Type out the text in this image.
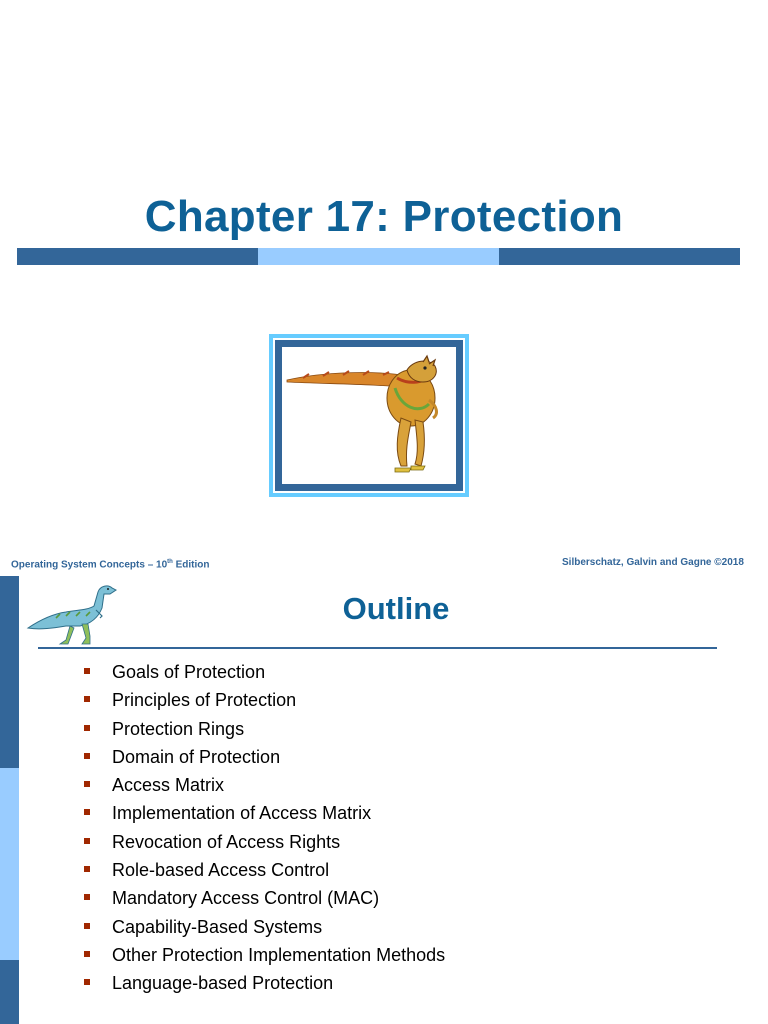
Chapter 17: Protection
Operating System Concepts – 10th Edition	Silberschatz, Galvin and Gagne ©2018
Outline
Goals of Protection
Principles of Protection
Protection Rings
Domain of Protection
Access Matrix
Implementation of Access Matrix
Revocation of Access Rights
Role-based Access Control
Mandatory Access Control (MAC)
Capability-Based Systems
Other Protection Implementation Methods
Language-based Protection
